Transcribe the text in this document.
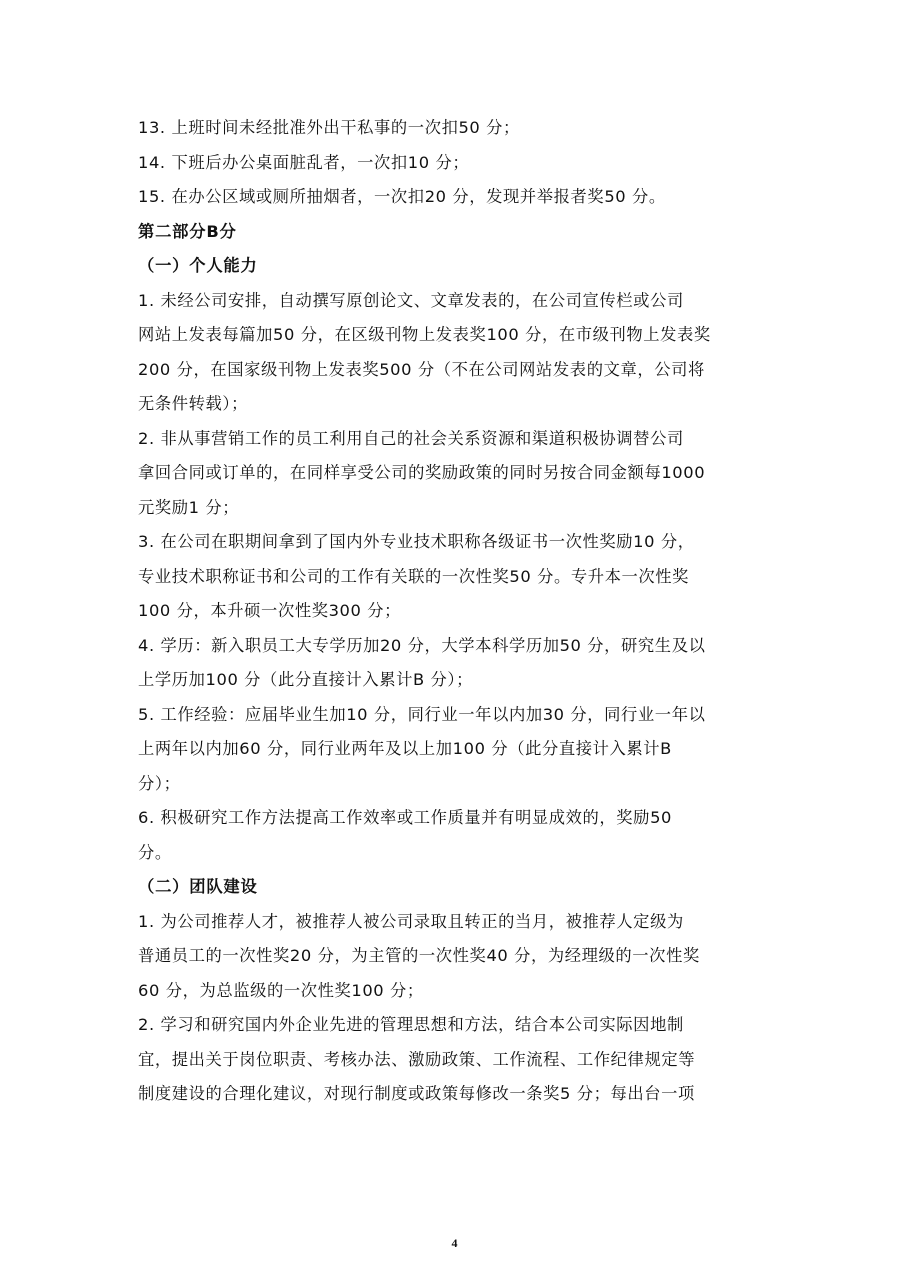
13. 上班时间未经批准外出干私事的一次扣50 分；
14. 下班后办公桌面脏乱者，一次扣10 分；
15. 在办公区域或厕所抽烟者，一次扣20 分，发现并举报者奖50 分。
第二部分B分
（一）个人能力
1. 未经公司安排，自动撰写原创论文、文章发表的，在公司宣传栏或公司
网站上发表每篇加50 分，在区级刊物上发表奖100 分，在市级刊物上发表奖
200 分，在国家级刊物上发表奖500 分（不在公司网站发表的文章，公司将
无条件转载）；
2. 非从事营销工作的员工利用自己的社会关系资源和渠道积极协调替公司
拿回合同或订单的，在同样享受公司的奖励政策的同时另按合同金额每1000
元奖励1 分；
3. 在公司在职期间拿到了国内外专业技术职称各级证书一次性奖励10 分，
专业技术职称证书和公司的工作有关联的一次性奖50 分。专升本一次性奖
100 分，本升硕一次性奖300 分；
4. 学历：新入职员工大专学历加20 分，大学本科学历加50 分，研究生及以
上学历加100 分（此分直接计入累计B 分）；
5. 工作经验：应届毕业生加10 分，同行业一年以内加30 分，同行业一年以
上两年以内加60 分，同行业两年及以上加100 分（此分直接计入累计B
分）；
6. 积极研究工作方法提高工作效率或工作质量并有明显成效的，奖励50
分。
（二）团队建设
1. 为公司推荐人才，被推荐人被公司录取且转正的当月，被推荐人定级为
普通员工的一次性奖20 分，为主管的一次性奖40 分，为经理级的一次性奖
60 分，为总监级的一次性奖100 分；
2. 学习和研究国内外企业先进的管理思想和方法，结合本公司实际因地制
宜，提出关于岗位职责、考核办法、激励政策、工作流程、工作纪律规定等
制度建设的合理化建议，对现行制度或政策每修改一条奖5 分；每出台一项
4
